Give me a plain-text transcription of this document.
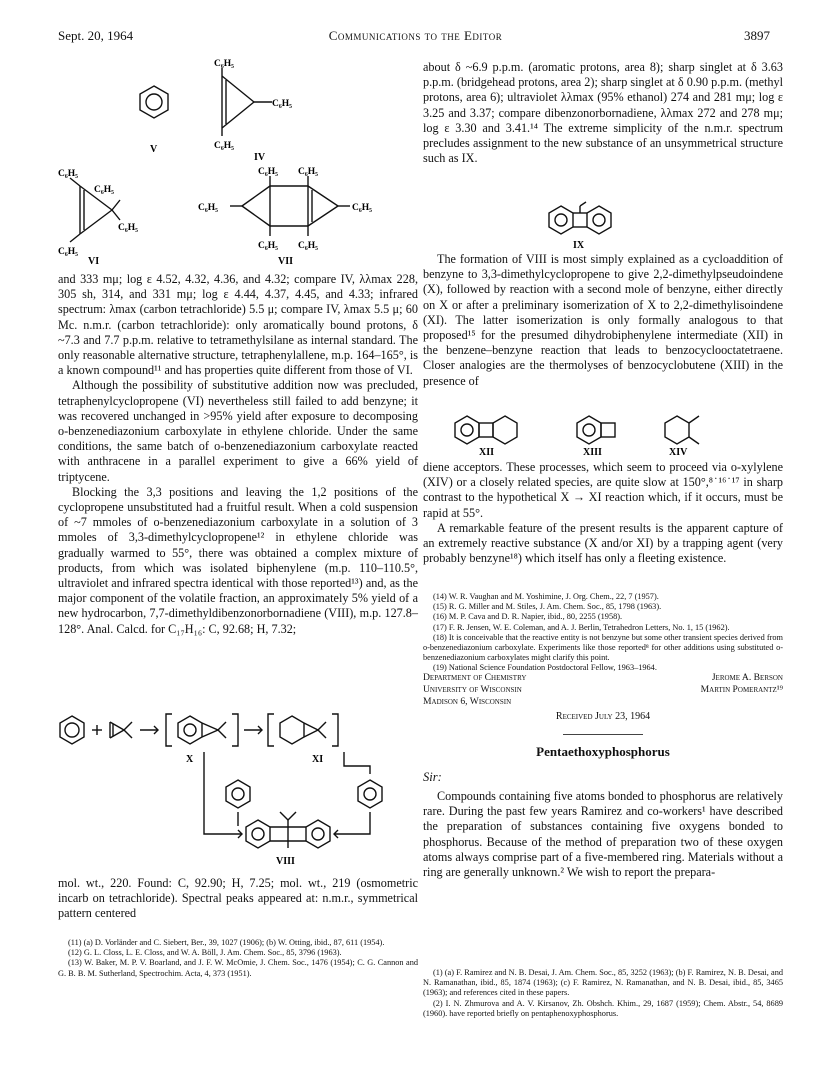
Sept. 20, 1964	Communications to the Editor	3897
V
C₆H₅
C₆H₅
C₆H₅
IV
C₆H₅
C₆H₅
C₆H₅
C₆H₅
VI
C₆H₅ C₆H₅
C₆H₅	C₆H₅
C₆H₅ C₆H₅
VII

and 333 mμ; log ε 4.52, 4.32, 4.36, and 4.32; compare IV, λλmax 228, 305 sh, 314, and 331 mμ; log ε 4.44, 4.37, 4.45, and 4.33; infrared spectrum: λmax (carbon tetrachloride) 5.5 μ; compare IV, λmax 5.5 μ; 60 Mc. n.m.r. (carbon tetrachloride): only aromatically bound protons, δ ~7.3 and 7.7 p.p.m. relative to tetramethylsilane as internal standard. The only reasonable alternative structure, tetraphenylallene, m.p. 164–165°, is a known compound¹¹ and has properties quite different from those of VI.

Although the possibility of substitutive addition now was precluded, tetraphenylcyclopropene (VI) nevertheless still failed to add benzyne; it was recovered unchanged in >95% yield after exposure to decomposing o-benzenediazonium carboxylate in ethylene chloride. Under the same conditions, the same batch of o-benzenediazonium carboxylate reacted with anthracene in a parallel experiment to give a 66% yield of triptycene.

Blocking the 3,3 positions and leaving the 1,2 positions of the cyclopropene unsubstituted had a fruitful result. When a cold suspension of ~7 mmoles of o-benzenediazonium carboxylate in a solution of 3 mmoles of 3,3-dimethylcyclopropene¹² in ethylene chloride was gradually warmed to 55°, there was obtained a complex mixture of products, from which was isolated biphenylene (m.p. 110–110.5°, ultraviolet and infrared spectra identical with those reported¹³) and, as the major component of the volatile fraction, an approximately 5% yield of a new hydrocarbon, 7,7-dimethyldibenzonorbornadiene (VIII), m.p. 127.8–128°. Anal. Calcd. for C₁₇H₁₆: C, 92.68; H, 7.32;

X	XI
VIII

mol. wt., 220. Found: C, 92.90; H, 7.25; mol. wt., 219 (osmometric incarb on tetrachloride). Spectral peaks appeared at: n.m.r., symmetrical pattern centered

(11) (a) D. Vorländer and C. Siebert, Ber., 39, 1027 (1906); (b) W. Otting, ibid., 87, 611 (1954).

(12) G. L. Closs, L. E. Closs, and W. A. Böll, J. Am. Chem. Soc., 85, 3796 (1963).

(13) W. Baker, M. P. V. Boarland, and J. F. W. McOmie, J. Chem. Soc., 1476 (1954); C. G. Cannon and G. B. B. M. Sutherland, Spectrochim. Acta, 4, 373 (1951).

about δ ~6.9 p.p.m. (aromatic protons, area 8); sharp singlet at δ 3.63 p.p.m. (bridgehead protons, area 2); sharp singlet at δ 0.90 p.p.m. (methyl protons, area 6); ultraviolet λλmax (95% ethanol) 274 and 281 mμ; log ε 3.25 and 3.37; compare dibenzonorbornadiene, λλmax 272 and 278 mμ; log ε 3.30 and 3.41.¹⁴ The extreme simplicity of the n.m.r. spectrum precludes assignment to the new substance of an unsymmetrical structure such as IX.

IX

The formation of VIII is most simply explained as a cycloaddition of benzyne to 3,3-dimethylcyclopropene to give 2,2-dimethylpseudoindene (X), followed by reaction with a second mole of benzyne, either directly on X or after a preliminary isomerization of X to 2,2-dimethylisoindene (XI). The latter isomerization is only formally analogous to that proposed¹⁵ for the presumed dihydrobiphenylene intermediate (XII) in the benzene–benzyne reaction that leads to benzocyclooctatetraene. Closer analogies are the thermolyses of benzocyclobutene (XIII) in the presence of

XII	XIII	XIV

diene acceptors. These processes, which seem to proceed via o-xylylene (XIV) or a closely related species, are quite slow at 150°,⁸˙¹⁶˙¹⁷ in sharp contrast to the hypothetical X → XI reaction which, if it occurs, must be rapid at 55°.

A remarkable feature of the present results is the apparent capture of an extremely reactive substance (X and/or XI) by a trapping agent (very probably benzyne¹⁸) which itself has only a fleeting existence.

(14) W. R. Vaughan and M. Yoshimine, J. Org. Chem., 22, 7 (1957).

(15) R. G. Miller and M. Stiles, J. Am. Chem. Soc., 85, 1798 (1963).

(16) M. P. Cava and D. R. Napier, ibid., 80, 2255 (1958).

(17) F. R. Jensen, W. E. Coleman, and A. J. Berlin, Tetrahedron Letters, No. 1, 15 (1962).

(18) It is conceivable that the reactive entity is not benzyne but some other transient species derived from o-benzenediazonium carboxylate. Experiments like those reported⁸ for other additions using substituted o-benzenediazonium carboxylates might clarify this point.

(19) National Science Foundation Postdoctoral Fellow, 1963–1964.

Department of Chemistry	Jerome A. Berson
University of Wisconsin	Martin Pomerantz¹⁹
Madison 6, Wisconsin
Received July 23, 1964
Pentaethoxyphosphorus
Sir:

Compounds containing five atoms bonded to phosphorus are relatively rare. During the past few years Ramirez and co-workers¹ have described the preparation of substances containing five oxygens bonded to phosphorus. Because of the method of preparation two of these oxygen atoms always comprise part of a five-membered ring. Materials without a ring are generally unknown.² We wish to report the prepara-

(1) (a) F. Ramirez and N. B. Desai, J. Am. Chem. Soc., 85, 3252 (1963); (b) F. Ramirez, N. B. Desai, and N. Ramanathan, ibid., 85, 1874 (1963); (c) F. Ramirez, N. Ramanathan, and N. B. Desai, ibid., 85, 3465 (1963); and references cited in these papers.

(2) I. N. Zhmurova and A. V. Kirsanov, Zh. Obshch. Khim., 29, 1687 (1959); Chem. Abstr., 54, 8689 (1960). have reported briefly on pentaphenoxyphosphorus.
